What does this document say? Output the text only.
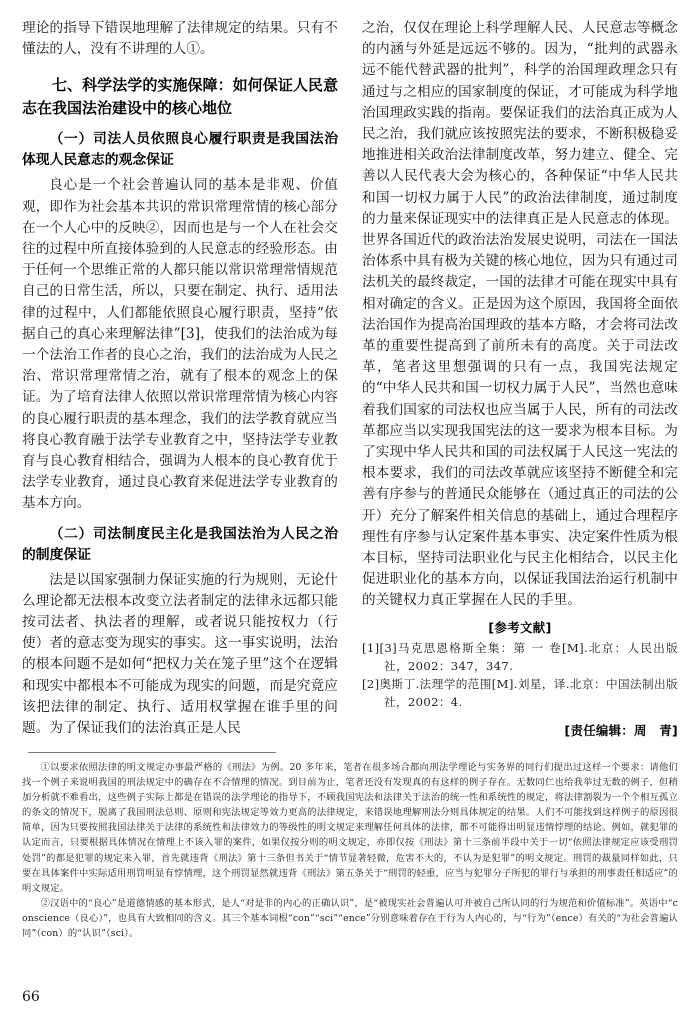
理论的指导下错误地理解了法律规定的结果。只有不懂法的人，没有不讲理的人①。

七、科学法学的实施保障：如何保证人民意志在我国法治建设中的核心地位
（一）司法人员依照良心履行职责是我国法治体现人民意志的观念保证

良心是一个社会普遍认同的基本是非观、价值观，即作为社会基本共识的常识常理常情的核心部分在一个人心中的反映②，因而也是与一个人在社会交往的过程中所直接体验到的人民意志的经验形态。由于任何一个思维正常的人都只能以常识常理常情规范自己的日常生活，所以，只要在制定、执行、适用法律的过程中，人们都能依照良心履行职责，坚持“依据自己的真心来理解法律”[3]，使我们的法治成为每一个法治工作者的良心之治，我们的法治成为人民之治、常识常理常情之治，就有了根本的观念上的保证。为了培育法律人依照以常识常理常情为核心内容的良心履行职责的基本理念，我们的法学教育就应当将良心教育融于法学专业教育之中，坚持法学专业教育与良心教育相结合，强调为人根本的良心教育优于法学专业教育，通过良心教育来促进法学专业教育的基本方向。

（二）司法制度民主化是我国法治为人民之治的制度保证

法是以国家强制力保证实施的行为规则，无论什么理论都无法根本改变立法者制定的法律永远都只能按司法者、执法者的理解，或者说只能按权力（行使）者的意志变为现实的事实。这一事实说明，法治的根本问题不是如何“把权力关在笼子里”这个在逻辑和现实中都根本不可能成为现实的问题，而是究竟应该把法律的制定、执行、适用权掌握在谁手里的问题。为了保证我们的法治真正是人民

之治，仅仅在理论上科学理解人民、人民意志等概念的内涵与外延是远远不够的。因为，“批判的武器永远不能代替武器的批判”，科学的治国理政理念只有通过与之相应的国家制度的保证，才可能成为科学地治国理政实践的指南。要保证我们的法治真正成为人民之治，我们就应该按照宪法的要求，不断积极稳妥地推进相关政治法律制度改革，努力建立、健全、完善以人民代表大会为核心的，各种保证“中华人民共和国一切权力属于人民”的政治法律制度，通过制度的力量来保证现实中的法律真正是人民意志的体现。世界各国近代的政治法治发展史说明，司法在一国法治体系中具有极为关键的核心地位，因为只有通过司法机关的最终裁定，一国的法律才可能在现实中具有相对确定的含义。正是因为这个原因，我国将全面依法治国作为提高治国理政的基本方略，才会将司法改革的重要性提高到了前所未有的高度。关于司法改革，笔者这里想强调的只有一点，我国宪法规定的“中华人民共和国一切权力属于人民”，当然也意味着我们国家的司法权也应当属于人民，所有的司法改革都应当以实现我国宪法的这一要求为根本目标。为了实现中华人民共和国的司法权属于人民这一宪法的根本要求，我们的司法改革就应该坚持不断健全和完善有序参与的普通民众能够在（通过真正的司法的公开）充分了解案件相关信息的基础上，通过合理程序理性有序参与认定案件基本事实、决定案件性质为根本目标，坚持司法职业化与民主化相结合，以民主化促进职业化的基本方向，以保证我国法治运行机制中的关键权力真正掌握在人民的手里。

[参考文献]

[1][3]马克思恩格斯全集：第 一 卷[M].北京：人民出版社，2002：347，347.

[2]奥斯丁.法理学的范围[M].刘星，译.北京：中国法制出版社，2002：4.

[责任编辑：周　青]

①以要求依照法律的明文规定办事最严格的《刑法》为例。20 多年来，笔者在很多场合都向刑法学理论与实务界的同行们提出过这样一个要求：请他们找一个例子来说明我国的刑法规定中的确存在不合情理的情况。到目前为止，笔者还没有发现真的有这样的例子存在。无数同仁也给我举过无数的例子，但稍加分析就不难看出，这些例子实际上都是在错误的法学理论的指导下，不顾我国宪法和法律关于法治的统一性和系统性的规定，将法律割裂为一个个相互孤立的条文的情况下，脱离了我国刑法总则、原则和宪法规定等效力更高的法律规定，来错误地理解刑法分则具体规定的结果。人们不可能找到这样例子的原因很简单，因为只要按照我国法律关于法律的系统性和法律效力的等级性的明文规定来理解任何具体的法律，都不可能得出明显违情悖理的结论。例如，就犯罪的认定而言，只要根据具体情况在情理上不该入罪的案件，如果仅按分则的明文规定，亦即仅按《刑法》第十三条前半段中关于一切“依照法律规定应该受刑罚处罚”的都是犯罪的规定来入罪，首先就违背《刑法》第十三条但书关于“情节显著轻微，危害不大的，不认为是犯罪”的明文规定。刑罚的裁量同样如此，只要在具体案件中实际适用刑罚明显有悖情理，这个刑罚显然就违背《刑法》第五条关于“刑罚的轻重，应当与犯罪分子所犯的罪行与承担的刑事责任相适应”的明文规定。

②汉语中的“良心”是道德情感的基本形式，是人“对是非的内心的正确认识”，是“被现实社会普遍认可并被自己所认同的行为规范和价值标准”。英语中“conscience（良心）”，也具有大致相同的含义。其三个基本词根“con”“sci”“ence”分别意味着存在于行为人内心的，与“行为”（ence）有关的“为社会普遍认同”（con）的“认识”（sci）。

66
